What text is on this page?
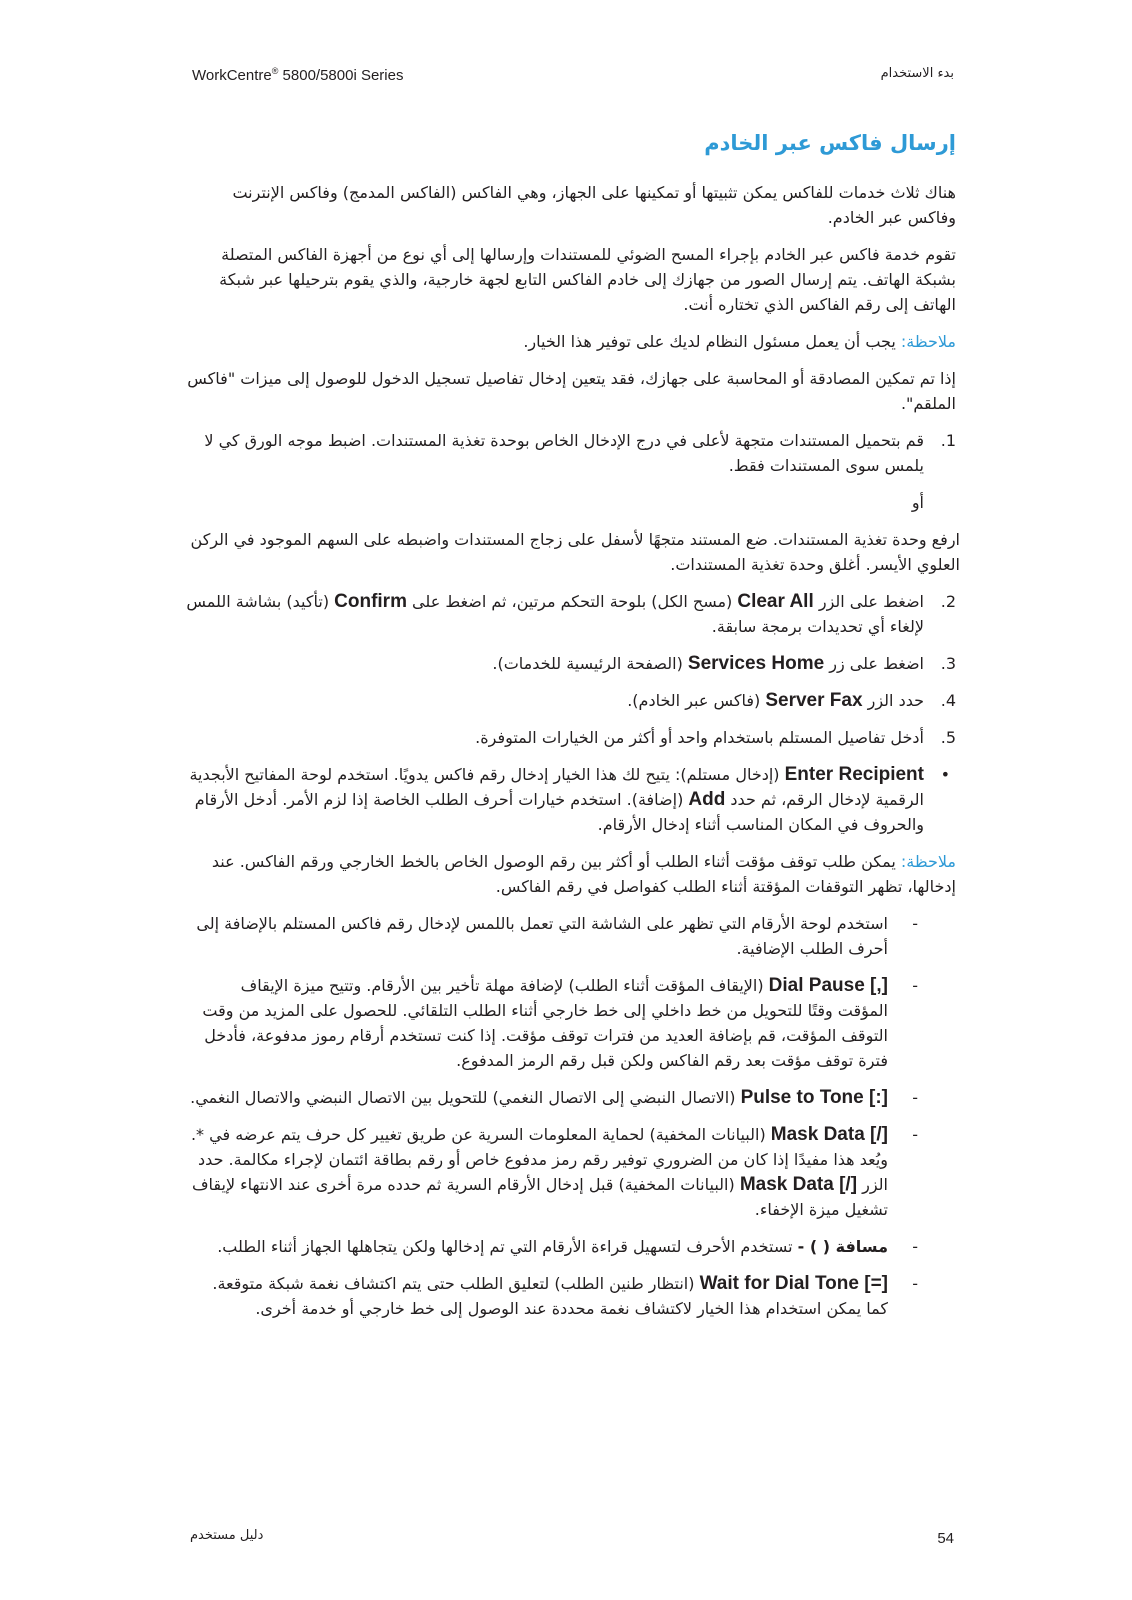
WorkCentre® 5800/5800i Series	بدء الاستخدام
إرسال فاكس عبر الخادم

هناك ثلاث خدمات للفاكس يمكن تثبيتها أو تمكينها على الجهاز، وهي الفاكس (الفاكس المدمج) وفاكس الإنترنت وفاكس عبر الخادم.

تقوم خدمة فاكس عبر الخادم بإجراء المسح الضوئي للمستندات وإرسالها إلى أي نوع من أجهزة الفاكس المتصلة بشبكة الهاتف. يتم إرسال الصور من جهازك إلى خادم الفاكس التابع لجهة خارجية، والذي يقوم بترحيلها عبر شبكة الهاتف إلى رقم الفاكس الذي تختاره أنت.

ملاحظة: يجب أن يعمل مسئول النظام لديك على توفير هذا الخيار.

إذا تم تمكين المصادقة أو المحاسبة على جهازك، فقد يتعين إدخال تفاصيل تسجيل الدخول للوصول إلى ميزات "فاكس الملقم".

1.
قم بتحميل المستندات متجهة لأعلى في درج الإدخال الخاص بوحدة تغذية المستندات. اضبط موجه الورق كي لا يلمس سوى المستندات فقط.

أو

ارفع وحدة تغذية المستندات. ضع المستند متجهًا لأسفل على زجاج المستندات واضبطه على السهم الموجود في الركن العلوي الأيسر. أغلق وحدة تغذية المستندات.

2.
اضغط على الزر Clear All (مسح الكل) بلوحة التحكم مرتين، ثم اضغط على Confirm (تأكيد) بشاشة اللمس لإلغاء أي تحديدات برمجة سابقة.
3.
اضغط على زر Services Home (الصفحة الرئيسية للخدمات).
4.
حدد الزر Server Fax (فاكس عبر الخادم).
5.
أدخل تفاصيل المستلم باستخدام واحد أو أكثر من الخيارات المتوفرة.
•
Enter Recipient (إدخال مستلم): يتيح لك هذا الخيار إدخال رقم فاكس يدويًا. استخدم لوحة المفاتيح الأبجدية الرقمية لإدخال الرقم، ثم حدد Add (إضافة). استخدم خيارات أحرف الطلب الخاصة إذا لزم الأمر. أدخل الأرقام والحروف في المكان المناسب أثناء إدخال الأرقام.

ملاحظة: يمكن طلب توقف مؤقت أثناء الطلب أو أكثر بين رقم الوصول الخاص بالخط الخارجي ورقم الفاكس. عند إدخالها، تظهر التوقفات المؤقتة أثناء الطلب كفواصل في رقم الفاكس.

-
استخدم لوحة الأرقام التي تظهر على الشاشة التي تعمل باللمس لإدخال رقم فاكس المستلم بالإضافة إلى أحرف الطلب الإضافية.
-
[,] Dial Pause (الإيقاف المؤقت أثناء الطلب) لإضافة مهلة تأخير بين الأرقام. وتتيح ميزة الإيقاف المؤقت وقتًا للتحويل من خط داخلي إلى خط خارجي أثناء الطلب التلقائي. للحصول على المزيد من وقت التوقف المؤقت، قم بإضافة العديد من فترات توقف مؤقت. إذا كنت تستخدم أرقام رموز مدفوعة، فأدخل فترة توقف مؤقت بعد رقم الفاكس ولكن قبل رقم الرمز المدفوع.
-
[:] Pulse to Tone (الاتصال النبضي إلى الاتصال النغمي) للتحويل بين الاتصال النبضي والاتصال النغمي.
-
[/] Mask Data (البيانات المخفية) لحماية المعلومات السرية عن طريق تغيير كل حرف يتم عرضه في *. ويُعد هذا مفيدًا إذا كان من الضروري توفير رقم رمز مدفوع خاص أو رقم بطاقة ائتمان لإجراء مكالمة. حدد الزر [/] Mask Data (البيانات المخفية) قبل إدخال الأرقام السرية ثم حدده مرة أخرى عند الانتهاء لإيقاف تشغيل ميزة الإخفاء.
-
مسافة ( ) - تستخدم الأحرف لتسهيل قراءة الأرقام التي تم إدخالها ولكن يتجاهلها الجهاز أثناء الطلب.
-
[=] Wait for Dial Tone (انتظار طنين الطلب) لتعليق الطلب حتى يتم اكتشاف نغمة شبكة متوقعة. كما يمكن استخدام هذا الخيار لاكتشاف نغمة محددة عند الوصول إلى خط خارجي أو خدمة أخرى.
دليل مستخدم	54
